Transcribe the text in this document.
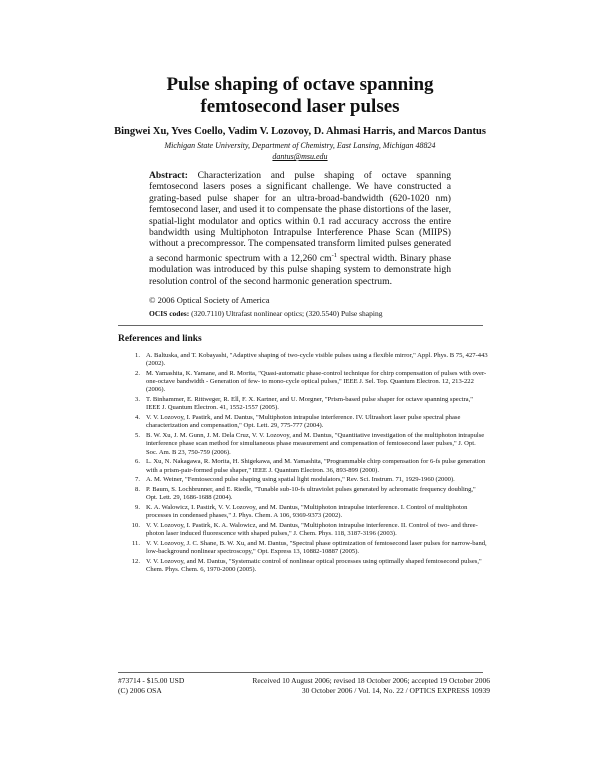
Pulse shaping of octave spanning
femtosecond laser pulses
Bingwei Xu, Yves Coello, Vadim V. Lozovoy, D. Ahmasi Harris, and Marcos Dantus
Michigan State University, Department of Chemistry, East Lansing, Michigan 48824
dantus@msu.edu

Abstract: Characterization and pulse shaping of octave spanning femtosecond lasers poses a significant challenge. We have constructed a grating-based pulse shaper for an ultra-broad-bandwidth (620-1020 nm) femtosecond laser, and used it to compensate the phase distortions of the laser, spatial-light modulator and optics within 0.1 rad accuracy accross the entire bandwidth using Multiphoton Intrapulse Interference Phase Scan (MIIPS) without a precompressor. The compensated transform limited pulses generated a second harmonic spectrum with a 12,260 $cm^{-1}$ spectral width. Binary phase modulation was introduced by this pulse shaping system to demonstrate high resolution control of the second harmonic generation spectrum.

© 2006 Optical Society of America
OCIS codes: (320.7110) Ultrafast nonlinear optics; (320.5540) Pulse shaping
References and links
1. A. Baltuska, and T. Kobayashi, "Adaptive shaping of two-cycle visible pulses using a flexible mirror," Appl. Phys. B 75, 427-443 (2002).
2. M. Yamashita, K. Yamane, and R. Morita, "Quasi-automatic phase-control technique for chirp compensation of pulses with over-one-octave bandwidth - Generation of few- to mono-cycle optical pulses," IEEE J. Sel. Top. Quantum Electron. 12, 213-222 (2006).
3. T. Binhammer, E. Rittweger, R. Ell, F. X. Kartner, and U. Morgner, "Prism-based pulse shaper for octave spanning spectra," IEEE J. Quantum Electron. 41, 1552-1557 (2005).
4. V. V. Lozovoy, I. Pastirk, and M. Dantus, "Multiphoton intrapulse interference. IV. Ultrashort laser pulse spectral phase characterization and compensation," Opt. Lett. 29, 775-777 (2004).
5. B. W. Xu, J. M. Gunn, J. M. Dela Cruz, V. V. Lozovoy, and M. Dantus, "Quantitative investigation of the multiphoton intrapulse interference phase scan method for simultaneous phase measurement and compensation of femtosecond laser pulses," J. Opt. Soc. Am. B 23, 750-759 (2006).
6. L. Xu, N. Nakagawa, R. Morita, H. Shigekawa, and M. Yamashita, "Programmable chirp compensation for 6-fs pulse generation with a prism-pair-formed pulse shaper," IEEE J. Quantum Electron. 36, 893-899 (2000).
7. A. M. Weiner, "Femtosecond pulse shaping using spatial light modulators," Rev. Sci. Instrum. 71, 1929-1960 (2000).
8. P. Baum, S. Lochbrunner, and E. Riedle, "Tunable sub-10-fs ultraviolet pulses generated by achromatic frequency doubling," Opt. Lett. 29, 1686-1688 (2004).
9. K. A. Walowicz, I. Pastirk, V. V. Lozovoy, and M. Dantus, "Multiphoton intrapulse interference. I. Control of multiphoton processes in condensed phases," J. Phys. Chem. A 106, 9369-9373 (2002).
10. V. V. Lozovoy, I. Pastirk, K. A. Walowicz, and M. Dantus, "Multiphoton intrapulse interference. II. Control of two- and three-photon laser induced fluorescence with shaped pulses," J. Chem. Phys. 118, 3187-3196 (2003).
11. V. V. Lozovoy, J. C. Shane, B. W. Xu, and M. Dantus, "Spectral phase optimization of femtosecond laser pulses for narrow-band, low-background nonlinear spectroscopy," Opt. Express 13, 10882-10887 (2005).
12. V. V. Lozovoy, and M. Dantus, "Systematic control of nonlinear optical processes using optimally shaped femtosecond pulses," Chem. Phys. Chem. 6, 1970-2000 (2005).
#73714 - $15.00 USD	Received 10 August 2006; revised 18 October 2006; accepted 19 October 2006
(C) 2006 OSA	30 October 2006 / Vol. 14, No. 22 / OPTICS EXPRESS 10939
